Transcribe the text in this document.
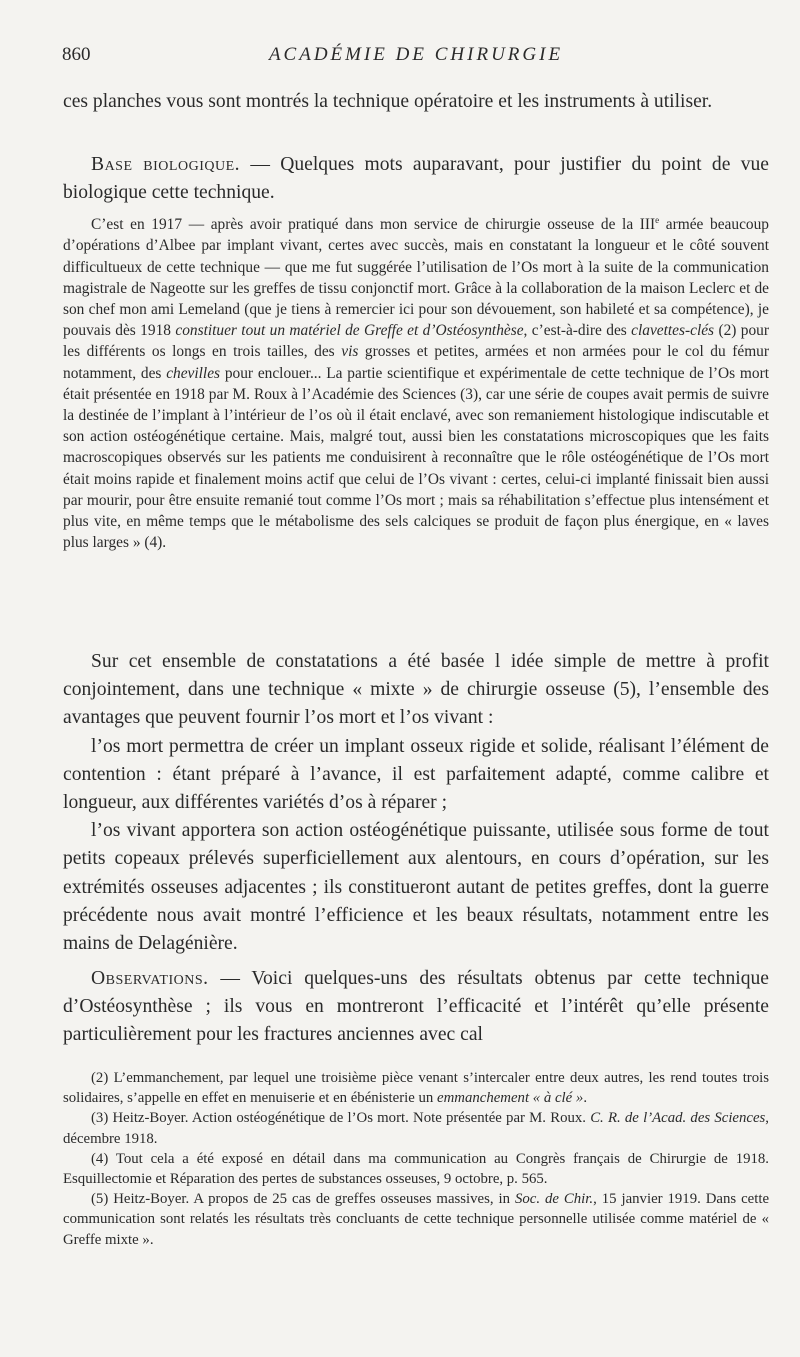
860	ACADÉMIE DE CHIRURGIE

ces planches vous sont montrés la technique opératoire et les instruments à utiliser.

Base biologique. — Quelques mots auparavant, pour justifier du point de vue biologique cette technique.

C’est en 1917 — après avoir pratiqué dans mon service de chirurgie osseuse de la IIIe armée beaucoup d’opérations d’Albee par implant vivant, certes avec succès, mais en constatant la longueur et le côté souvent difficultueux de cette technique — que me fut suggérée l’utilisation de l’Os mort à la suite de la communication magistrale de Nageotte sur les greffes de tissu conjonctif mort. Grâce à la collaboration de la maison Leclerc et de son chef mon ami Lemeland (que je tiens à remercier ici pour son dévouement, son habileté et sa compétence), je pouvais dès 1918 constituer tout un matériel de Greffe et d’Ostéosynthèse, c’est-à-dire des clavettes-clés (2) pour les différents os longs en trois tailles, des vis grosses et petites, armées et non armées pour le col du fémur notamment, des chevilles pour enclouer... La partie scientifique et expérimentale de cette technique de l’Os mort était présentée en 1918 par M. Roux à l’Académie des Sciences (3), car une série de coupes avait permis de suivre la destinée de l’implant à l’intérieur de l’os où il était enclavé, avec son remaniement histologique indiscutable et son action ostéogénétique certaine. Mais, malgré tout, aussi bien les constatations microscopiques que les faits macroscopiques observés sur les patients me conduisirent à reconnaître que le rôle ostéogénétique de l’Os mort était moins rapide et finalement moins actif que celui de l’Os vivant : certes, celui-ci implanté finissait bien aussi par mourir, pour être ensuite remanié tout comme l’Os mort ; mais sa réhabilitation s’effectue plus intensément et plus vite, en même temps que le métabolisme des sels calciques se produit de façon plus énergique, en « laves plus larges » (4).

Sur cet ensemble de constatations a été basée l idée simple de mettre à profit conjointement, dans une technique « mixte » de chirurgie osseuse (5), l’ensemble des avantages que peuvent fournir l’os mort et l’os vivant :

l’os mort permettra de créer un implant osseux rigide et solide, réalisant l’élément de contention : étant préparé à l’avance, il est parfaitement adapté, comme calibre et longueur, aux différentes variétés d’os à réparer ;

l’os vivant apportera son action ostéogénétique puissante, utilisée sous forme de tout petits copeaux prélevés superficiellement aux alentours, en cours d’opération, sur les extrémités osseuses adjacentes ; ils constitueront autant de petites greffes, dont la guerre précédente nous avait montré l’efficience et les beaux résultats, notamment entre les mains de Delagénière.

Observations. — Voici quelques-uns des résultats obtenus par cette technique d’Ostéosynthèse ; ils vous en montreront l’efficacité et l’intérêt qu’elle présente particulièrement pour les fractures anciennes avec cal

(2) L’emmanchement, par lequel une troisième pièce venant s’intercaler entre deux autres, les rend toutes trois solidaires, s’appelle en effet en menuiserie et en ébénisterie un emmanchement « à clé ».

(3) Heitz-Boyer. Action ostéogénétique de l’Os mort. Note présentée par M. Roux. C. R. de l’Acad. des Sciences, décembre 1918.

(4) Tout cela a été exposé en détail dans ma communication au Congrès français de Chirurgie de 1918. Esquillectomie et Réparation des pertes de substances osseuses, 9 octobre, p. 565.

(5) Heitz-Boyer. A propos de 25 cas de greffes osseuses massives, in Soc. de Chir., 15 janvier 1919. Dans cette communication sont relatés les résultats très concluants de cette technique personnelle utilisée comme matériel de « Greffe mixte ».
